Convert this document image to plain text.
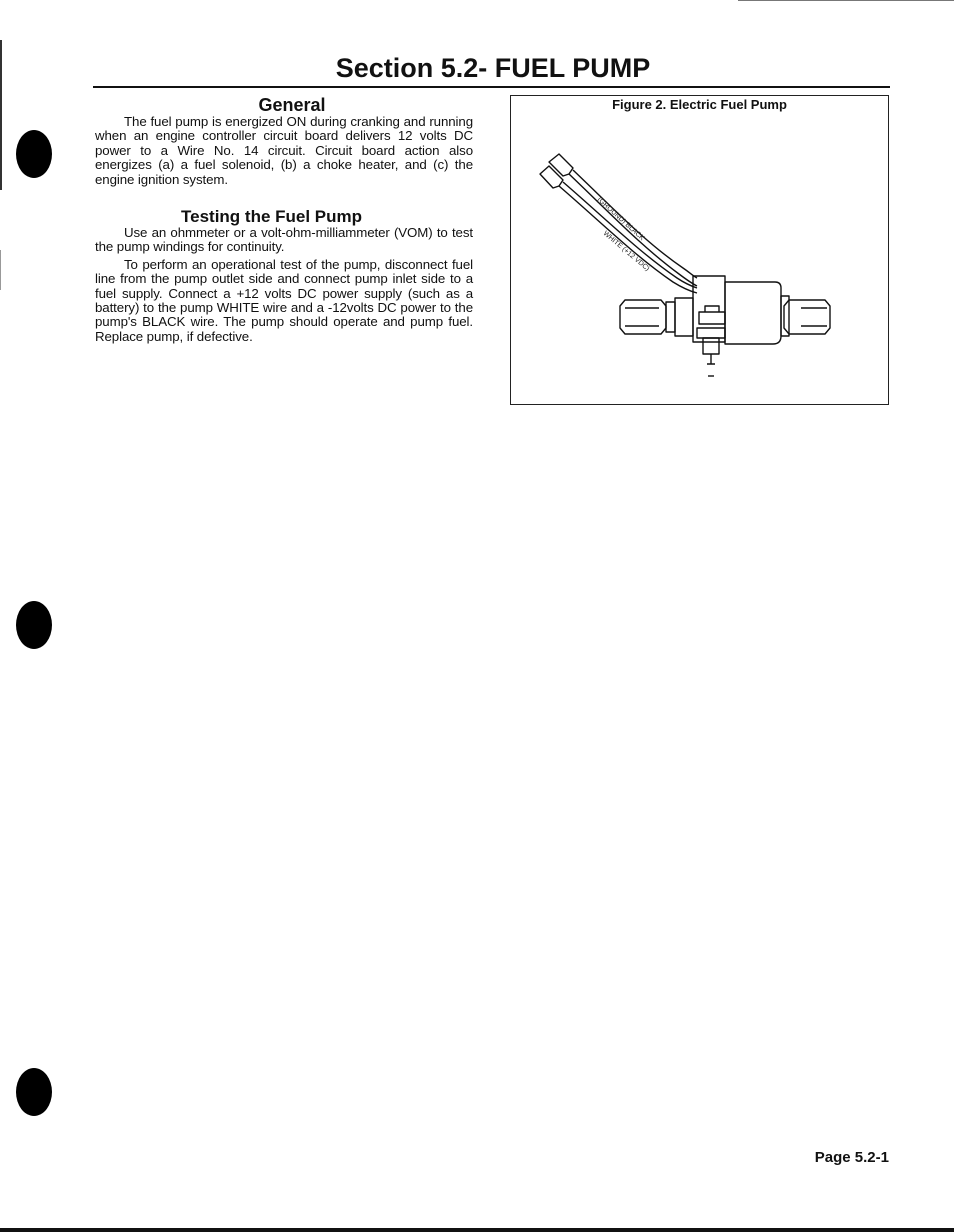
Section 5.2- FUEL PUMP
General

The fuel pump is energized ON during cranking and running when an engine controller circuit board delivers 12 volts DC power to a Wire No. 14 circuit. Circuit board action also energizes (a) a fuel solenoid, (b) a choke heater, and (c) the engine ignition system.

Testing the Fuel Pump

Use an ohmmeter or a volt-ohm-milliammeter (VOM) to test the pump windings for continuity.

To perform an operational test of the pump, disconnect fuel line from the pump outlet side and connect pump inlet side to a fuel supply. Connect a +12 volts DC power supply (such as a battery) to the pump WHITE wire and a -12volts DC power to the pump's BLACK wire. The pump should operate and pump fuel. Replace pump, if defective.

Figure 2. Electric Fuel Pump
(GROUND) BLACK
WHITE (+12 VDC)
Page 5.2-1
